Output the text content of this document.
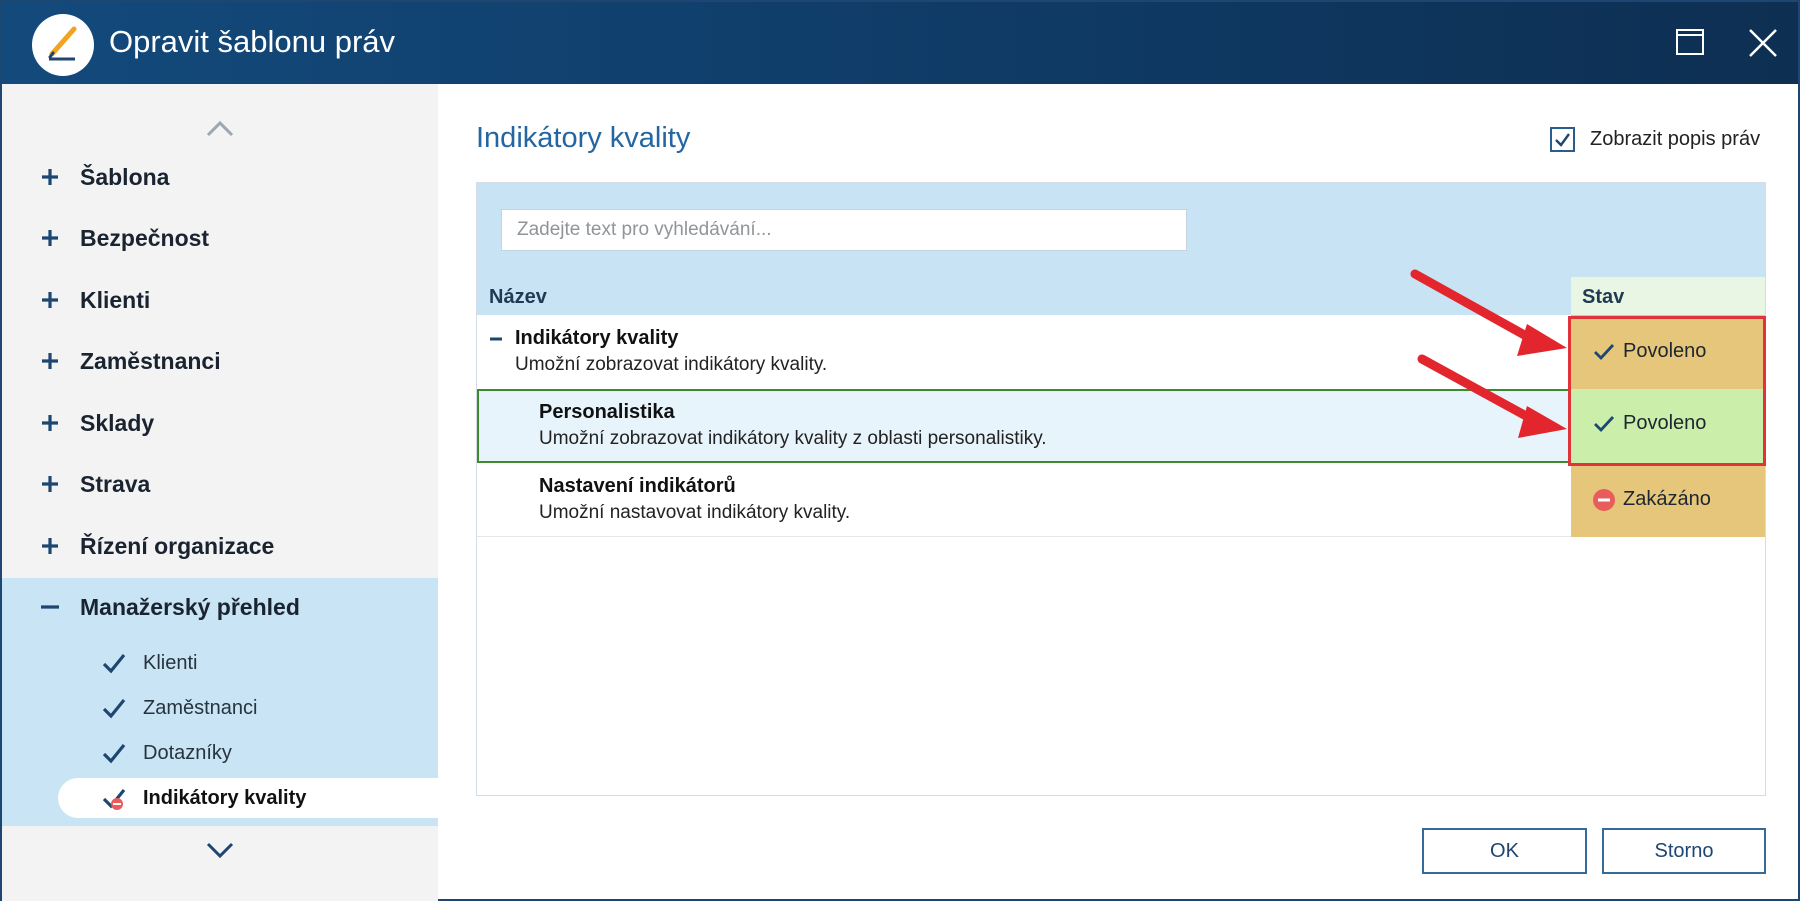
Opravit šablonu práv
Šablona
Bezpečnost
Klienti
Zaměstnanci
Sklady
Strava
Řízení organizace
Manažerský přehled
Klienti
Zaměstnanci
Dotazníky
Indikátory kvality
Indikátory kvality	Zobrazit popis práv
Zadejte text pro vyhledávání...
Název	Stav
Indikátory kvality
Umožní zobrazovat indikátory kvality.
Povoleno
Personalistika
Umožní zobrazovat indikátory kvality z oblasti personalistiky.
Povoleno
Nastavení indikátorů
Umožní nastavovat indikátory kvality.
Zakázáno
OK	Storno
